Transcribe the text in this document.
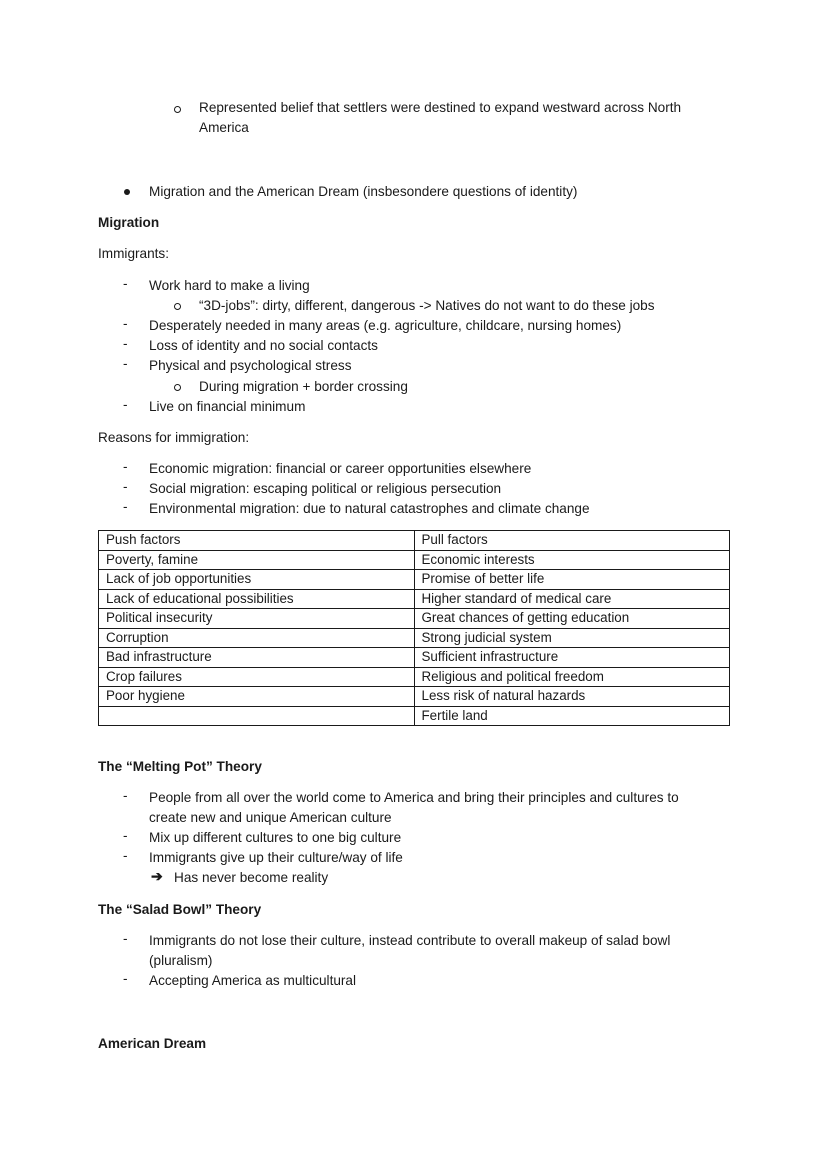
Represented belief that settlers were destined to expand westward across North
America
Migration and the American Dream (insbesondere questions of identity)
Migration
Immigrants:
- Work hard to make a living
“3D-jobs”: dirty, different, dangerous -> Natives do not want to do these jobs
- Desperately needed in many areas (e.g. agriculture, childcare, nursing homes)
- Loss of identity and no social contacts
- Physical and psychological stress
During migration + border crossing
- Live on financial minimum
Reasons for immigration:
- Economic migration: financial or career opportunities elsewhere
- Social migration: escaping political or religious persecution
- Environmental migration: due to natural catastrophes and climate change
Push factors	Pull factors
Poverty, famine	Economic interests
Lack of job opportunities	Promise of better life
Lack of educational possibilities	Higher standard of medical care
Political insecurity	Great chances of getting education
Corruption	Strong judicial system
Bad infrastructure	Sufficient infrastructure
Crop failures	Religious and political freedom
Poor hygiene	Less risk of natural hazards
	Fertile land
The “Melting Pot” Theory
- People from all over the world come to America and bring their principles and cultures to
create new and unique American culture
- Mix up different cultures to one big culture
- Immigrants give up their culture/way of life
➔ Has never become reality
The “Salad Bowl” Theory
- Immigrants do not lose their culture, instead contribute to overall makeup of salad bowl
(pluralism)
- Accepting America as multicultural
American Dream
